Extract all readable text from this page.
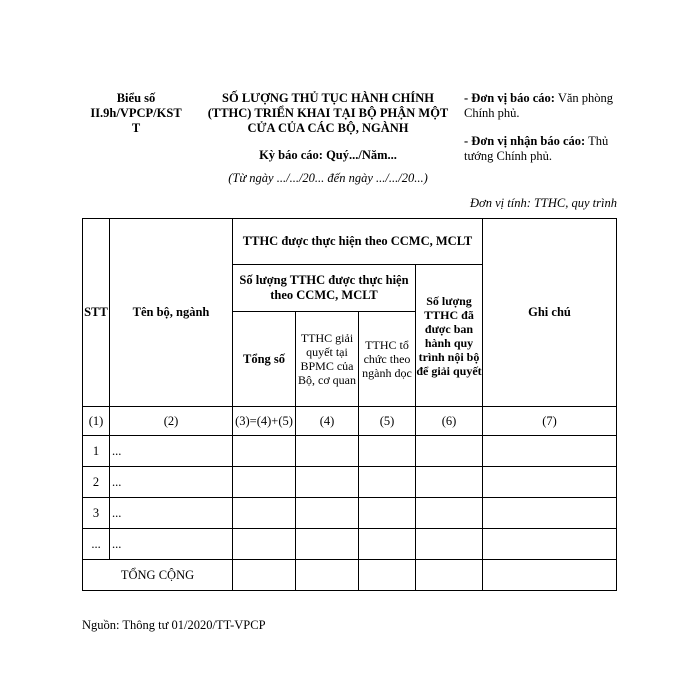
Biểu số
II.9h/VPCP/KST
T
SỐ LƯỢNG THỦ TỤC HÀNH CHÍNH
(TTHC) TRIỂN KHAI TẠI BỘ PHẬN MỘT
CỬA CỦA CÁC BỘ, NGÀNH
Kỳ báo cáo: Quý.../Năm...
(Từ ngày .../.../20... đến ngày .../.../20...)
- Đơn vị báo cáo: Văn phòng Chính phủ.
- Đơn vị nhận báo cáo: Thủ tướng Chính phủ.
Đơn vị tính: TTHC, quy trình
STT	Tên bộ, ngành	TTHC được thực hiện theo CCMC, MCLT				Ghi chú
		Số lượng TTHC được thực hiện theo CCMC, MCLT			Số lượng TTHC đã được ban hành quy trình nội bộ để giải quyết	
		Tổng số	TTHC giải quyết tại BPMC của Bộ, cơ quan	TTHC tổ chức theo ngành dọc		
(1)	(2)	(3)=(4)+(5)	(4)	(5)	(6)	(7)
1	...					
2	...					
3	...					
...	...					
TỔNG CỘNG						
Nguồn: Thông tư 01/2020/TT-VPCP
